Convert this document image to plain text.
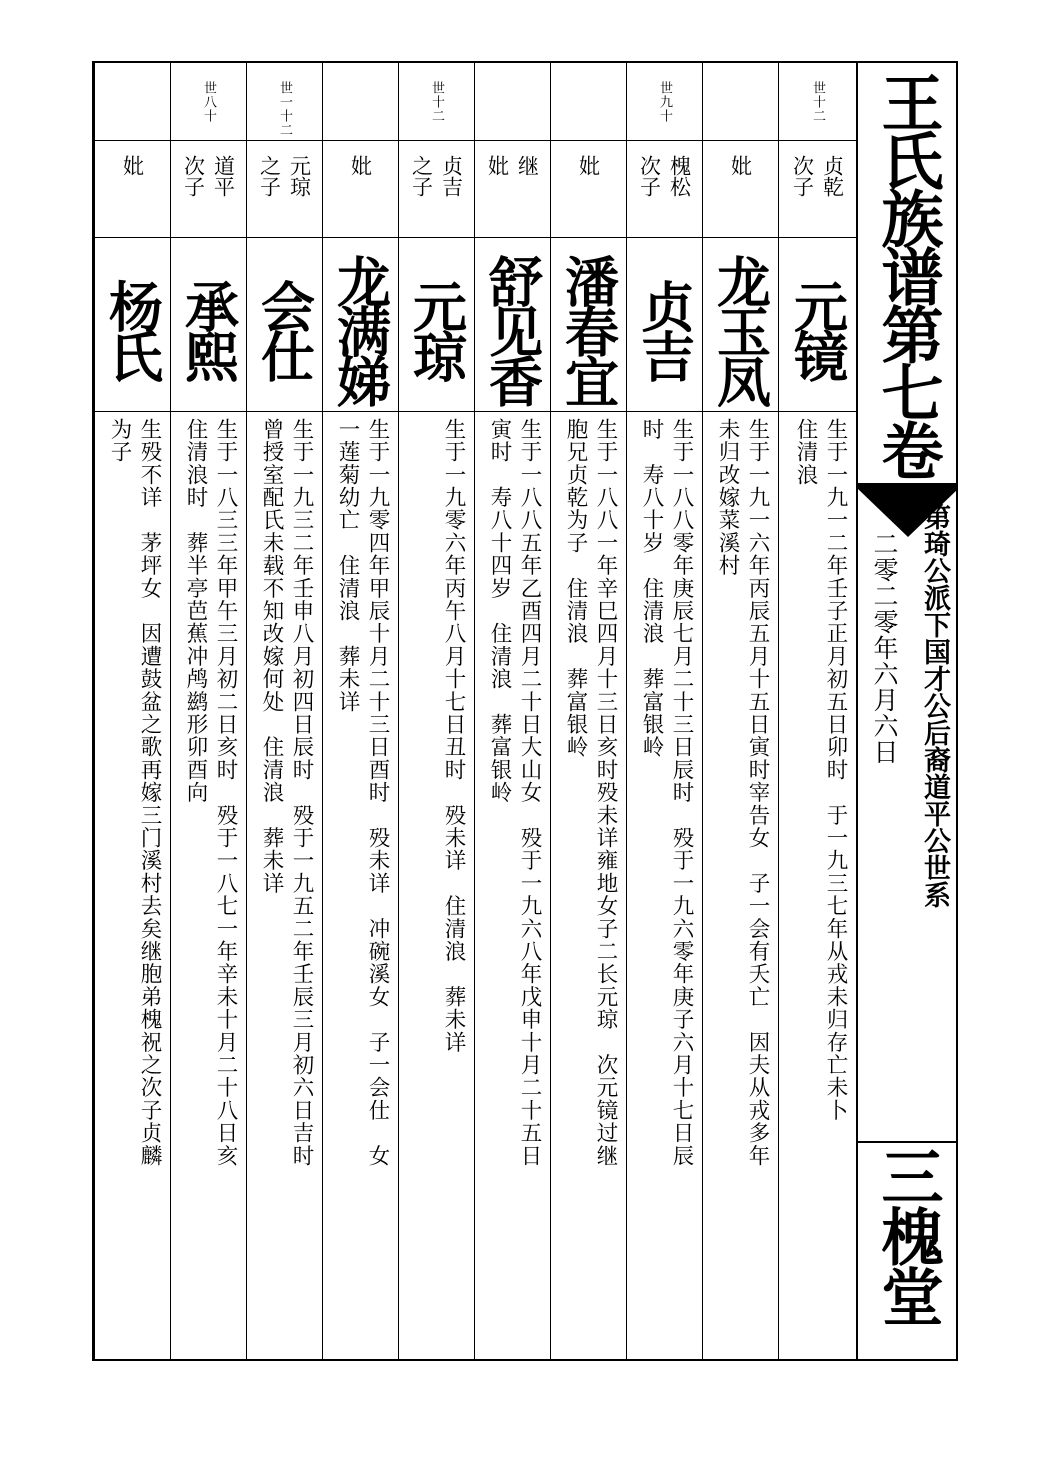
妣
杨氏
生殁不详　茅坪女　因遭鼓盆之歌再嫁三门溪村去矣继胞弟槐祝之次子贞麟
为子
世八十
道平
次子
承熙
生于一八三三年甲午三月初二日亥时　殁于一八七一年辛未十月二十八日亥
住清浪时　葬半亭芭蕉冲鸬鹚形卯酉向
世一十二
元琼
之子
会仕
生于一九三二年壬申八月初四日辰时　殁于一九五二年壬辰三月初六日吉时
曾授室配氏未载不知改嫁何处　住清浪　葬未详
妣
龙满娣
生于一九零四年甲辰十月二十三日酉时　殁未详　冲碗溪女　子一会仕　女
一莲菊幼亡　住清浪　葬未详
世十二
贞吉
之子
元琼
生于一九零六年丙午八月十七日丑时　殁未详　住清浪　葬未详
继
妣
舒见香
生于一八八五年乙酉四月二十日大山女　殁于一九六八年戊申十月二十五日
寅时　寿八十四岁　住清浪　葬富银岭
妣
潘春宜
生于一八八一年辛巳四月十三日亥时殁未详雍地女子二长元琼　次元镜过继
胞兄贞乾为子　住清浪　葬富银岭
世九十
槐松
次子
贞吉
生于一八八零年庚辰七月二十三日辰时　殁于一九六零年庚子六月十七日辰
时　寿八十岁　住清浪　葬富银岭
妣
龙玉凤
生于一九一六年丙辰五月十五日寅时宰告女　子一会有夭亡　因夫从戎多年
未归改嫁菜溪村
世十二
贞乾
次子
元镜
生于一九一二年壬子正月初五日卯时　于一九三七年从戎未归存亡未卜
住清浪 王氏族谱第七卷
第琦公派下国才公后裔道平公世系
二零二零年六月六日
三槐堂
